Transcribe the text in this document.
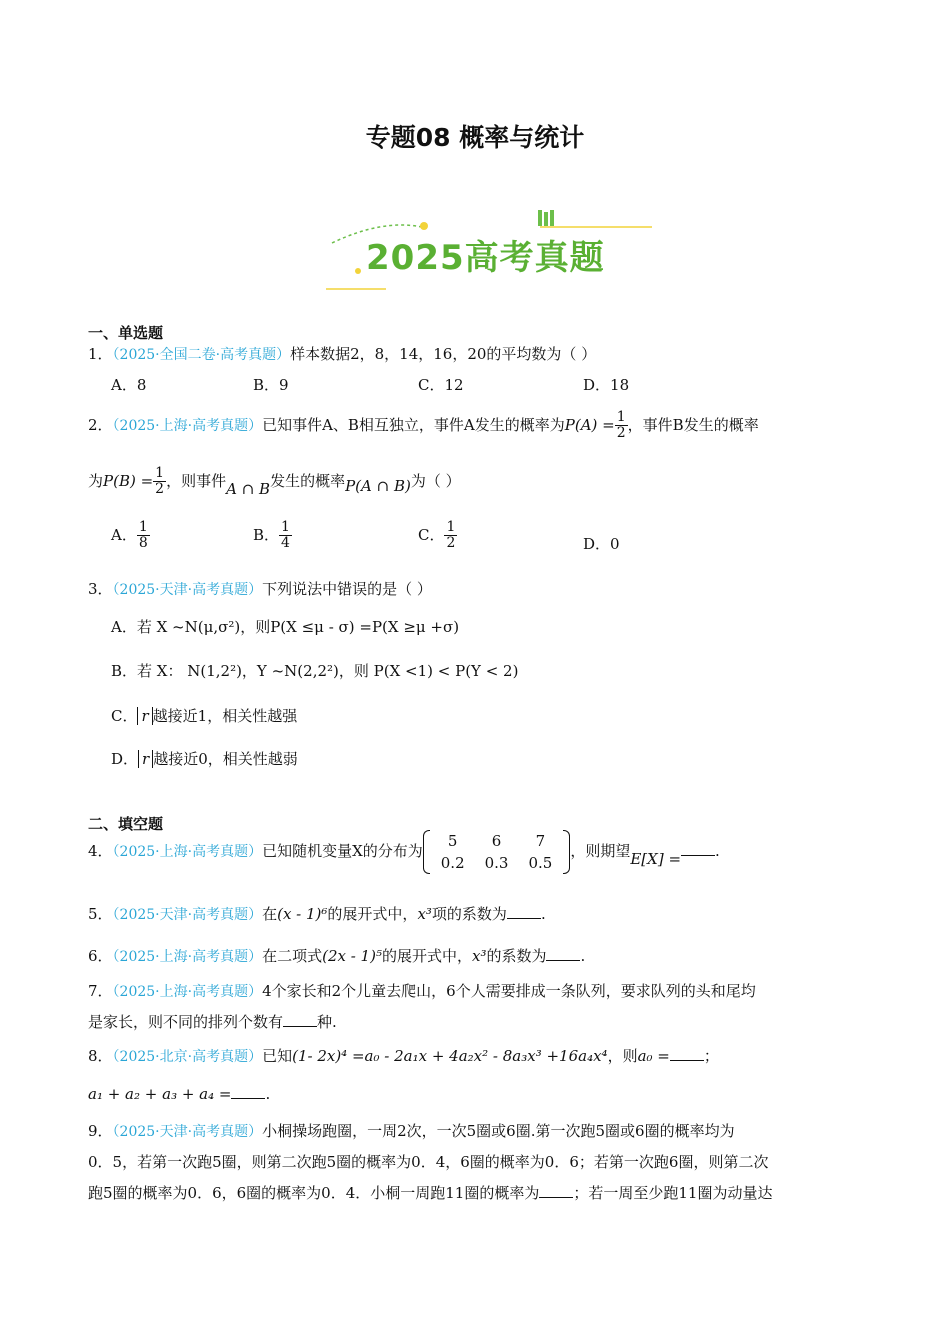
专题08 概率与统计
2025高考真题
一、单选题
1．（2025·全国二卷·高考真题）样本数据2，8，14，16，20的平均数为（ ）
A．8	B．9	C．12	D．18
2．（2025·上海·高考真题）已知事件A、B相互独立，事件A发生的概率为$P(A) = \frac{1}{2}$ ，事件B发生的概率
为$P(B) = \frac{1}{2}$ ，则事件A ∩ B发生的概率P(A ∩ B)为（ ）
A． $\frac{1}{8}$	B． $\frac{1}{4}$	C． $\frac{1}{2}$	D．0
3．（2025·天津·高考真题）下列说法中错误的是（ ）
A．若 X ~N(μ,σ²)，则P(X ≤μ - σ) =P(X ≥μ +σ)
B．若 X： N(1,2²)，Y ~N(2,2²)，则 P(X <1) < P(Y < 2)
C． r 越接近1，相关性越强
D． r 越接近0，相关性越弱
二、填空题
4．（2025·上海·高考真题）已知随机变量X的分布为
5	6	7
0.2	0.3	0.5
，则期望E[X] = .
5．（2025·天津·高考真题）在(x - 1)⁶的展开式中，x³项的系数为 .
6．（2025·上海·高考真题）在二项式(2x - 1)⁵的展开式中，x³的系数为 .
7．（2025·上海·高考真题）4个家长和2个儿童去爬山，6个人需要排成一条队列，要求队列的头和尾均
是家长，则不同的排列个数有 种.
8．（2025·北京·高考真题）已知(1- 2x)⁴ =a₀ - 2a₁x + 4a₂x² - 8a₃x³ +16a₄x⁴，则a₀ = ；
a₁ + a₂ + a₃ + a₄ = .
9．（2025·天津·高考真题）小桐操场跑圈，一周2次，一次5圈或6圈.第一次跑5圈或6圈的概率均为
0．5，若第一次跑5圈，则第二次跑5圈的概率为0．4，6圈的概率为0．6；若第一次跑6圈，则第二次
跑5圈的概率为0．6，6圈的概率为0．4．小桐一周跑11圈的概率为 ；若一周至少跑11圈为动量达
